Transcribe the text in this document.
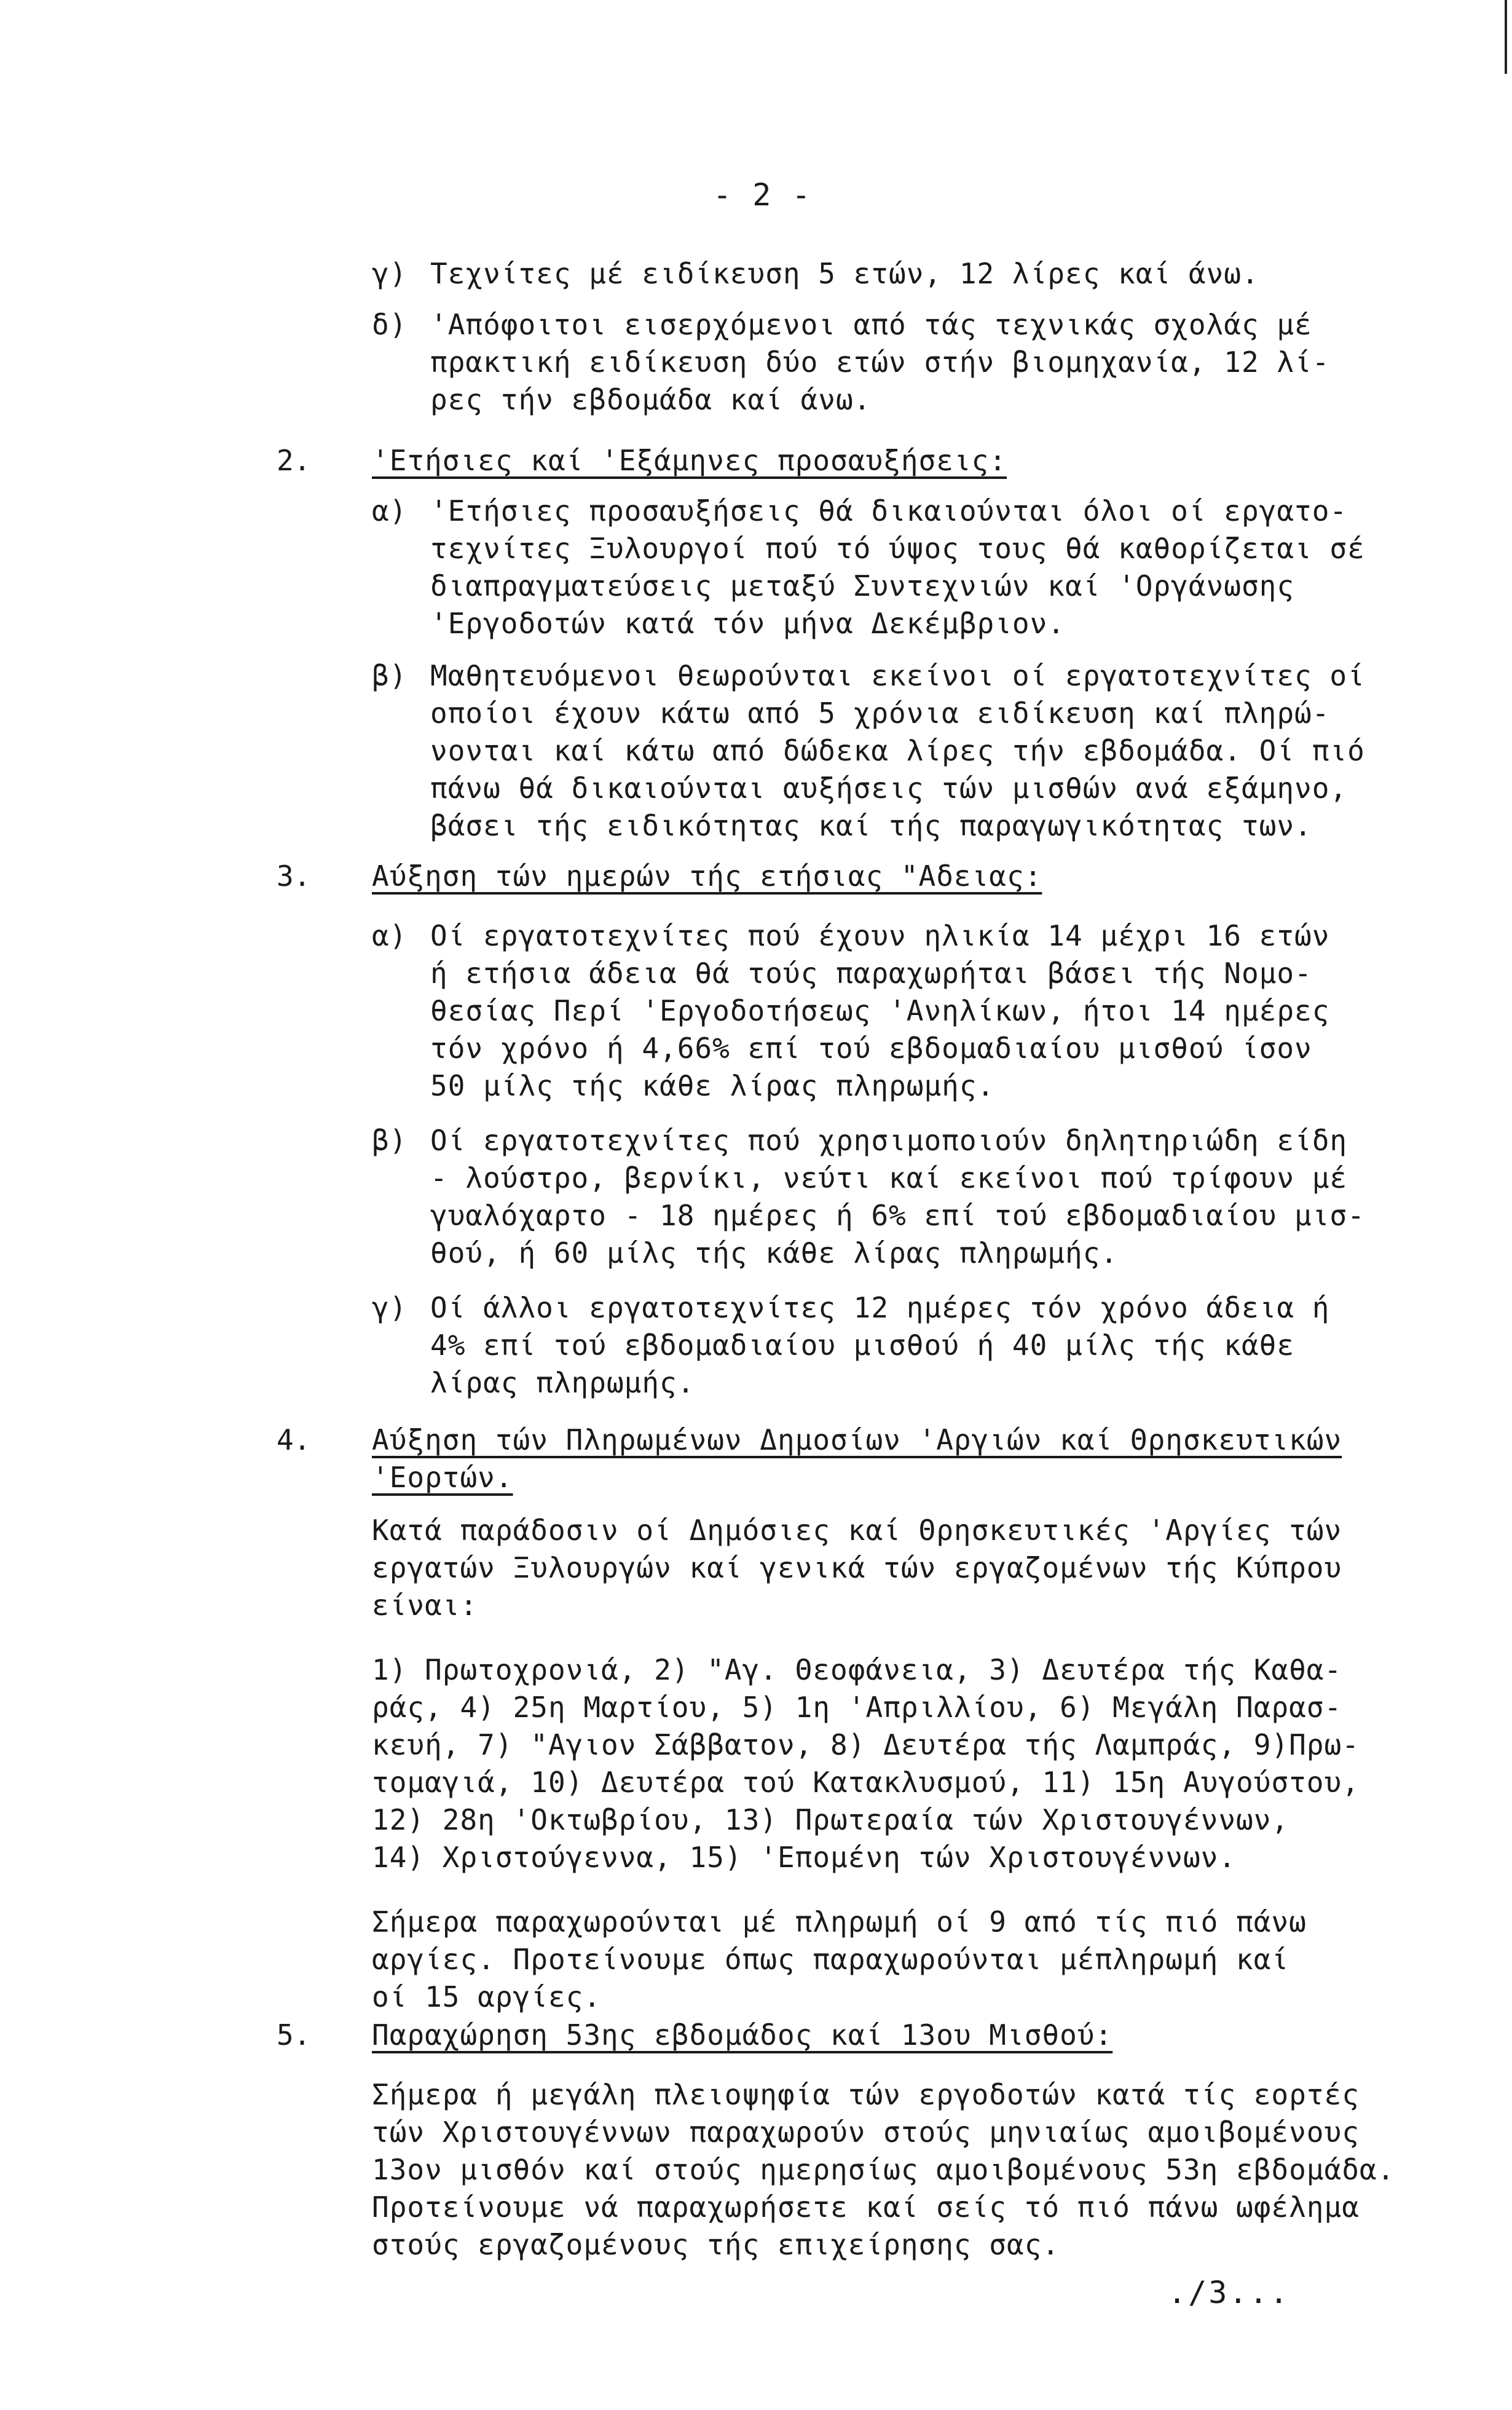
- 2 -
γ) Τεχνίτες μέ ειδίκευση 5 ετών, 12 λίρες καί άνω.
δ) 'Απόφοιτοι εισερχόμενοι από τάς τεχνικάς σχολάς μέ
πρακτική ειδίκευση δύο ετών στήν βιομηχανία, 12 λί-
ρες τήν εβδομάδα καί άνω.
2. 'Ετήσιες καί 'Εξάμηνες προσαυξήσεις:
α) 'Ετήσιες προσαυξήσεις θά δικαιούνται όλοι οί εργατο-
τεχνίτες Ξυλουργοί πού τό ύψος τους θά καθορίζεται σέ
διαπραγματεύσεις μεταξύ Συντεχνιών καί 'Οργάνωσης
'Εργοδοτών κατά τόν μήνα Δεκέμβριον.
β) Μαθητευόμενοι θεωρούνται εκείνοι οί εργατοτεχνίτες οί
οποίοι έχουν κάτω από 5 χρόνια ειδίκευση καί πληρώ-
νονται καί κάτω από δώδεκα λίρες τήν εβδομάδα. Οί πιό
πάνω θά δικαιούνται αυξήσεις τών μισθών ανά εξάμηνο,
βάσει τής ειδικότητας καί τής παραγωγικότητας των.
3. Αύξηση τών ημερών τής ετήσιας "Αδειας:
α) Οί εργατοτεχνίτες πού έχουν ηλικία 14 μέχρι 16 ετών
ή ετήσια άδεια θά τούς παραχωρήται βάσει τής Νομο-
θεσίας Περί 'Εργοδοτήσεως 'Ανηλίκων, ήτοι 14 ημέρες
τόν χρόνο ή 4,66% επί τού εβδομαδιαίου μισθού ίσον
50 μίλς τής κάθε λίρας πληρωμής.
β) Οί εργατοτεχνίτες πού χρησιμοποιούν δηλητηριώδη είδη
- λούστρο, βερνίκι, νεύτι καί εκείνοι πού τρίφουν μέ
γυαλόχαρτο - 18 ημέρες ή 6% επί τού εβδομαδιαίου μισ-
θού, ή 60 μίλς τής κάθε λίρας πληρωμής.
γ) Οί άλλοι εργατοτεχνίτες 12 ημέρες τόν χρόνο άδεια ή
4% επί τού εβδομαδιαίου μισθού ή 40 μίλς τής κάθε
λίρας πληρωμής.
4. Αύξηση τών Πληρωμένων Δημοσίων 'Αργιών καί Θρησκευτικών
'Εορτών.
Κατά παράδοσιν οί Δημόσιες καί Θρησκευτικές 'Αργίες τών
εργατών Ξυλουργών καί γενικά τών εργαζομένων τής Κύπρου
είναι:
1) Πρωτοχρονιά, 2) "Αγ. Θεοφάνεια, 3) Δευτέρα τής Καθα-
ράς, 4) 25η Μαρτίου, 5) 1η 'Απριλλίου, 6) Μεγάλη Παρασ-
κευή, 7) "Αγιον Σάββατον, 8) Δευτέρα τής Λαμπράς, 9)Πρω-
τομαγιά, 10) Δευτέρα τού Κατακλυσμού, 11) 15η Αυγούστου,
12) 28η 'Οκτωβρίου, 13) Πρωτεραία τών Χριστουγέννων,
14) Χριστούγεννα, 15) 'Επομένη τών Χριστουγέννων.
Σήμερα παραχωρούνται μέ πληρωμή οί 9 από τίς πιό πάνω
αργίες. Προτείνουμε όπως παραχωρούνται μέπληρωμή καί
οί 15 αργίες.
5. Παραχώρηση 53ης εβδομάδος καί 13ου Μισθού:
Σήμερα ή μεγάλη πλειοψηφία τών εργοδοτών κατά τίς εορτές
τών Χριστουγέννων παραχωρούν στούς μηνιαίως αμοιβομένους
13ον μισθόν καί στούς ημερησίως αμοιβομένους 53η εβδομάδα.
Προτείνουμε νά παραχωρήσετε καί σείς τό πιό πάνω ωφέλημα
στούς εργαζομένους τής επιχείρησης σας.
./3...
